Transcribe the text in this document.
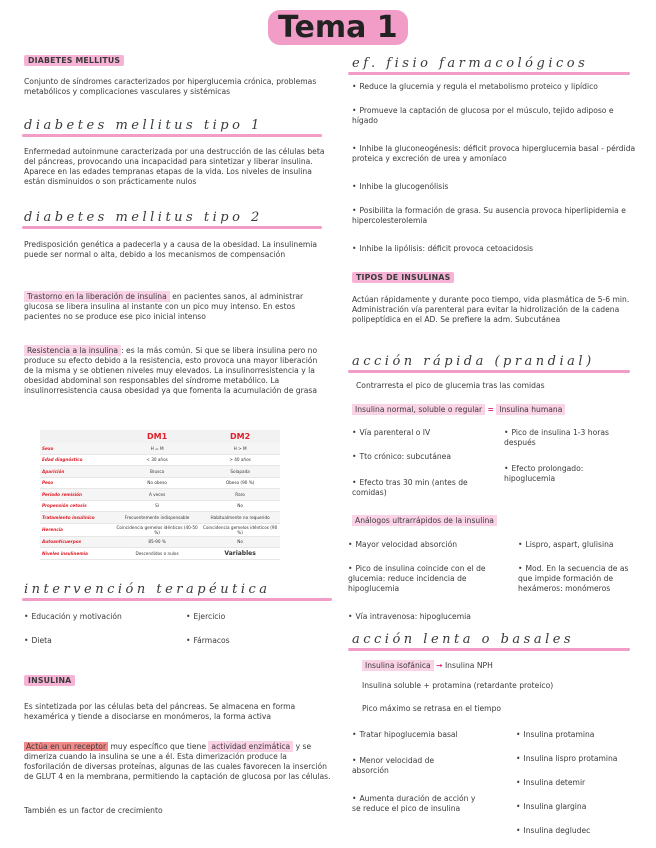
Tema 1
DIABETES MELLITUS
Conjunto de síndromes caracterizados por hiperglucemia crónica, problemas metabólicos y complicaciones vasculares y sistémicas
diabetes mellitus tipo 1
Enfermedad autoinmune caracterizada por una destrucción de las células beta del páncreas, provocando una incapacidad para sintetizar y liberar insulina. Aparece en las edades tempranas etapas de la vida. Los niveles de insulina están disminuidos o son prácticamente nulos
diabetes mellitus tipo 2
Predisposición genética a padecerla y a causa de la obesidad. La insulinemia puede ser normal o alta, debido a los mecanismos de compensación
Trastorno en la liberación de insulina en pacientes sanos, al administrar glucosa se libera insulina al instante con un pico muy intenso. En estos pacientes no se produce ese pico inicial intenso
Resistencia a la insulina : es la más común. Si que se libera insulina pero no produce su efecto debido a la resistencia, esto provoca una mayor liberación de la misma y se obtienen niveles muy elevados. La insulinorresistencia y la obesidad abdominal son responsables del síndrome metabólico. La insulinorresistencia causa obesidad ya que fomenta la acumulación de grasa
	DM1	DM2
Sexo	H = M	H > M
Edad diagnóstico	< 30 años	> 40 años
Aparición	Brusca	Solapada
Peso	No obeso	Obeso (90 %)
Periodo remisión	A veces	Raro
Propensión cetosis	Sí	No
Tratamiento insulínico	Frecuentemente indispensable	Habitualmente no requerido
Herencia	Coincidencia gemelos idénticos (40-50 %)	Coincidencia gemelos idénticos (90 %)
Autoanticuerpos	85-90 %	No
Niveles insulinemia	Descendidos o nulos	Variables
intervención terapéutica
• Educación y motivación	• Ejercicio
• Dieta	• Fármacos
INSULINA
Es sintetizada por las células beta del páncreas. Se almacena en forma hexamérica y tiende a disociarse en monómeros, la forma activa
Actúa en un receptor muy específico que tiene actividad enzimática y se dimeriza cuando la insulina se une a él. Esta dimerización produce la fosforilación de diversas proteínas, algunas de las cuales favorecen la inserción de GLUT 4 en la membrana, permitiendo la captación de glucosa por las células.
También es un factor de crecimiento
ef. fisio farmacológicos
• Reduce la glucemia y regula el metabolismo proteico y lipídico
• Promueve la captación de glucosa por el músculo, tejido adiposo e hígado
• Inhibe la gluconeogénesis: déficit provoca hiperglucemia basal - pérdida proteica y excreción de urea y amoníaco
• Inhibe la glucogenólisis
• Posibilita la formación de grasa. Su ausencia provoca hiperlipidemia e hipercolesterolemia
• Inhibe la lipólisis: déficit provoca cetoacidosis
TIPOS DE INSULINAS
Actúan rápidamente y durante poco tiempo, vida plasmática de 5-6 min. Administración vía parenteral para evitar la hidrolización de la cadena polipeptídica en el AD. Se prefiere la adm. Subcutánea
acción rápida (prandial)
Contrarresta el pico de glucemia tras las comidas
Insulina normal, soluble o regular = Insulina humana
• Vía parenteral o IV
• Tto crónico: subcutánea
• Efecto tras 30 min (antes de comidas)
• Pico de insulina 1-3 horas después
• Efecto prolongado: hipoglucemia
Análogos ultrarrápidos de la insulina
• Mayor velocidad absorción
• Pico de insulina coincide con el de glucemia: reduce incidencia de hipoglucemia
• Vía intravenosa: hipoglucemia
• Lispro, aspart, glulisina
• Mod. En la secuencia de as que impide formación de hexámeros: monómeros
acción lenta o basales
Insulina isofánica → Insulina NPH
Insulina soluble + protamina (retardante proteico)
Pico máximo se retrasa en el tiempo
• Tratar hipoglucemia basal
• Menor velocidad de absorción
• Aumenta duración de acción y se reduce el pico de insulina
• Insulina protamina
• Insulina lispro protamina
• Insulina detemir
• Insulina glargina
• Insulina degludec
